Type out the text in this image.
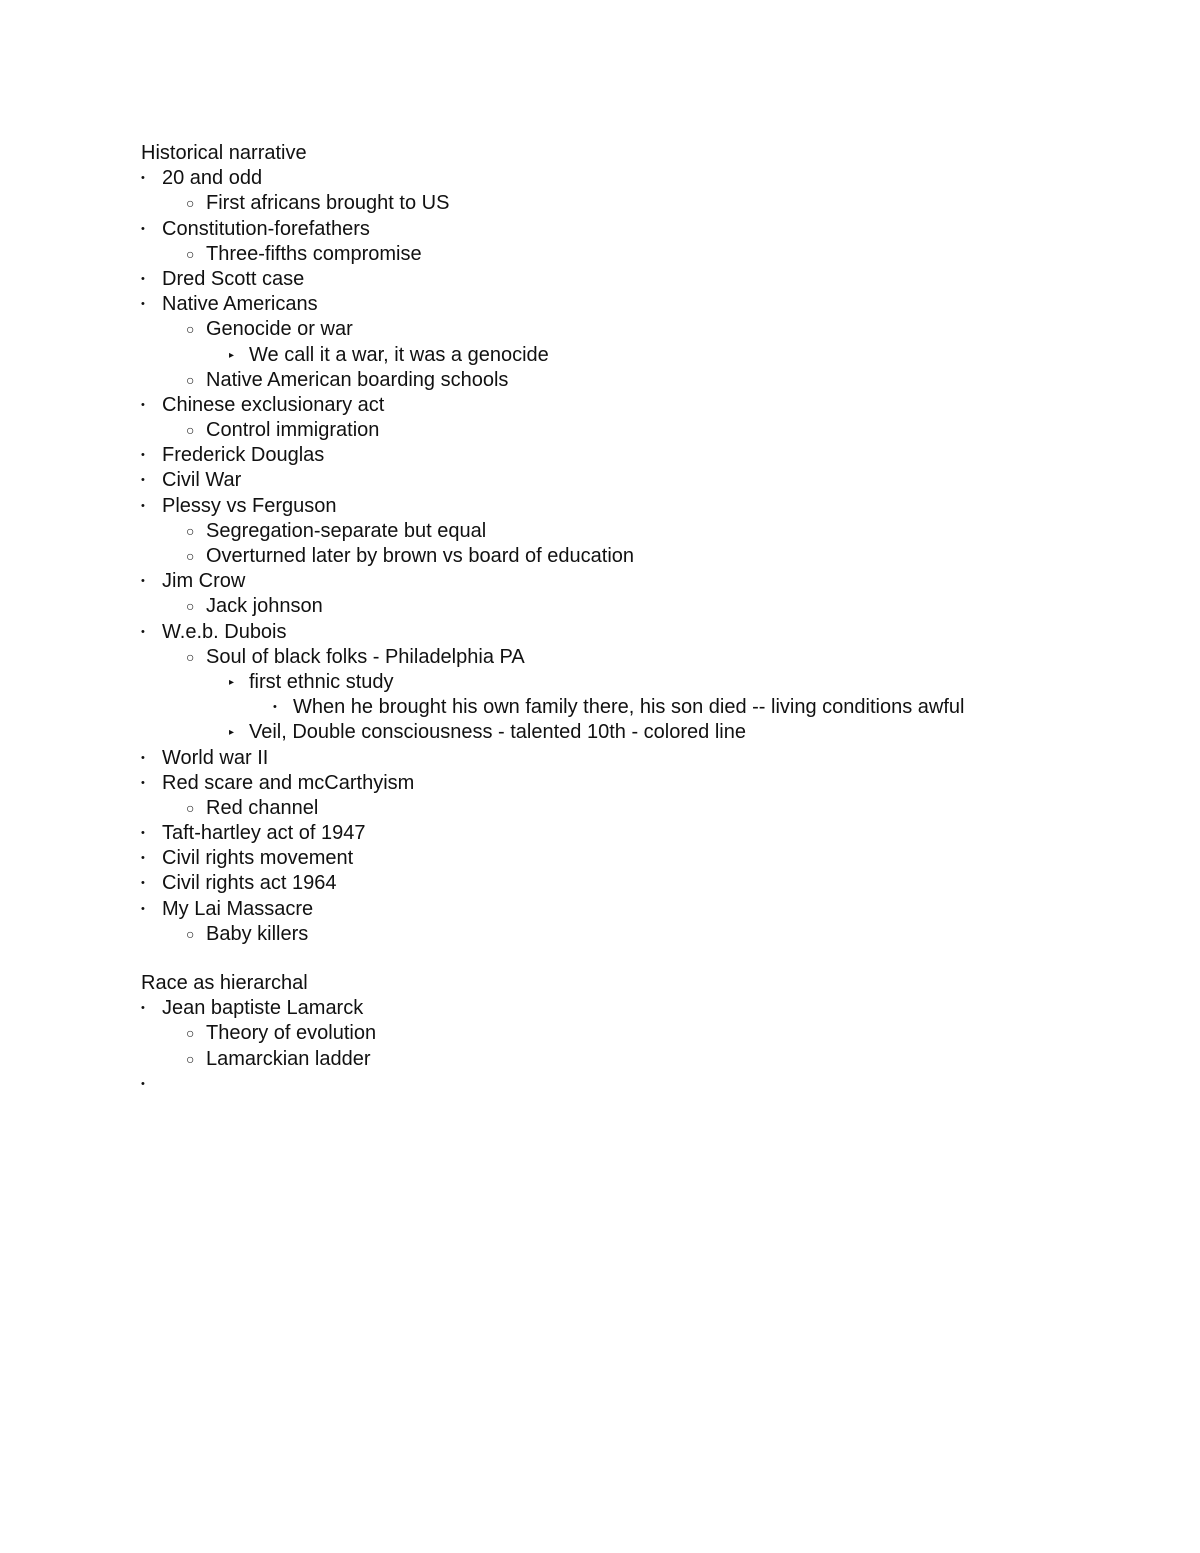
Historical narrative
• 20 and odd
○ First africans brought to US
• Constitution-forefathers
○ Three-fifths compromise
• Dred Scott case
• Native Americans
○ Genocide or war
▸ We call it a war, it was a genocide
○ Native American boarding schools
• Chinese exclusionary act
○ Control immigration
• Frederick Douglas
• Civil War
• Plessy vs Ferguson
○ Segregation-separate but equal
○ Overturned later by brown vs board of education
• Jim Crow
○ Jack johnson
• W.e.b. Dubois
○ Soul of black folks - Philadelphia PA
▸ first ethnic study
• When he brought his own family there, his son died -- living conditions awful
▸ Veil, Double consciousness - talented 10th - colored line
• World war II
• Red scare and mcCarthyism
○ Red channel
• Taft-hartley act of 1947
• Civil rights movement
• Civil rights act 1964
• My Lai Massacre
○ Baby killers
Race as hierarchal
• Jean baptiste Lamarck
○ Theory of evolution
○ Lamarckian ladder
•
